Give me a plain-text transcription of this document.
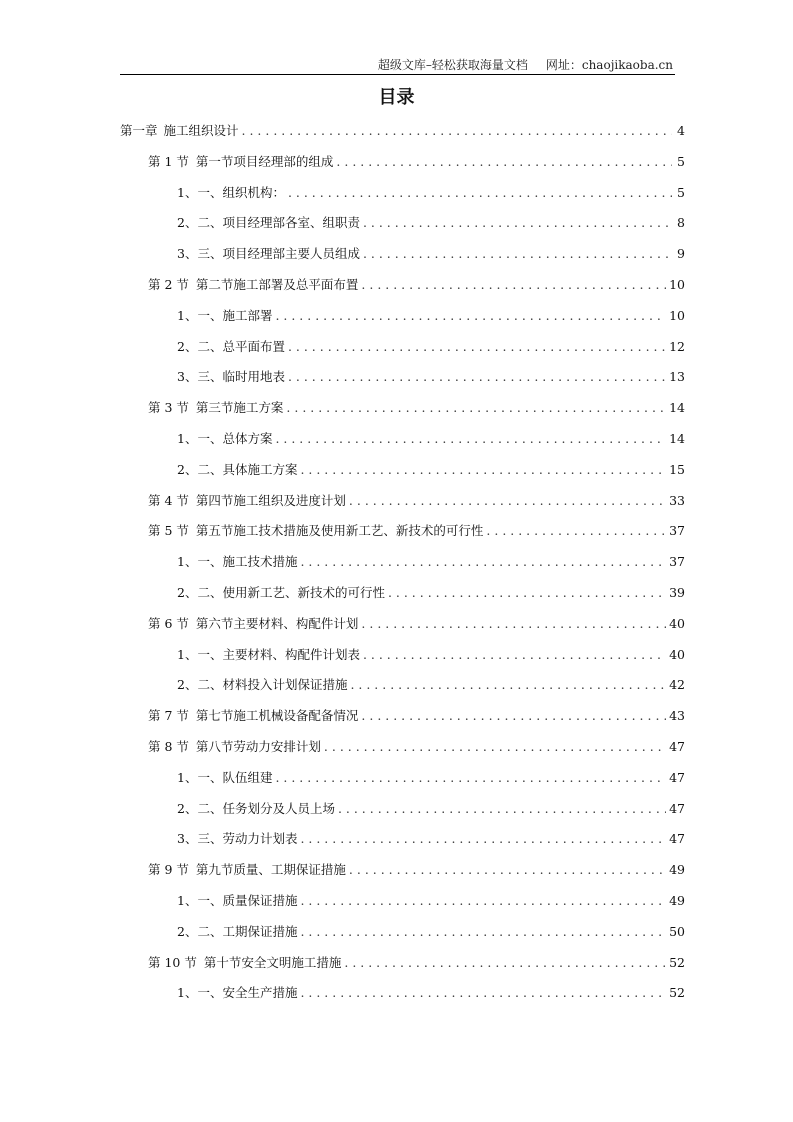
超级文库–轻松获取海量文档 网址：chaojikaoba.cn
目录
第一章 施工组织设计 . . .	4
第 1 节 第一节项目经理部的组成 . . .	5
1、 一、组织机构： . . .	5
2、 二、项目经理部各室、组职责 . . .	8
3、 三、项目经理部主要人员组成 . . .	9
第 2 节 第二节施工部署及总平面布置 . . .	10
1、 一、施工部署 . . .	10
2、 二、总平面布置 . . .	12
3、 三、临时用地表 . . .	13
第 3 节 第三节施工方案 . . .	14
1、 一、总体方案 . . .	14
2、 二、具体施工方案 . . .	15
第 4 节 第四节施工组织及进度计划 . . .	33
第 5 节 第五节施工技术措施及使用新工艺、新技术的可行性 . . .	37
1、 一、施工技术措施 . . .	37
2、 二、使用新工艺、新技术的可行性 . . .	39
第 6 节 第六节主要材料、构配件计划 . . .	40
1、 一、主要材料、构配件计划表 . . .	40
2、 二、材料投入计划保证措施 . . .	42
第 7 节 第七节施工机械设备配备情况 . . .	43
第 8 节 第八节劳动力安排计划 . . .	47
1、 一、队伍组建 . . .	47
2、 二、任务划分及人员上场 . . .	47
3、 三、劳动力计划表 . . .	47
第 9 节 第九节质量、工期保证措施 . . .	49
1、 一、质量保证措施 . . .	49
2、 二、工期保证措施 . . .	50
第 10 节 第十节安全文明施工措施 . . .	52
1、 一、安全生产措施 . . .	52
